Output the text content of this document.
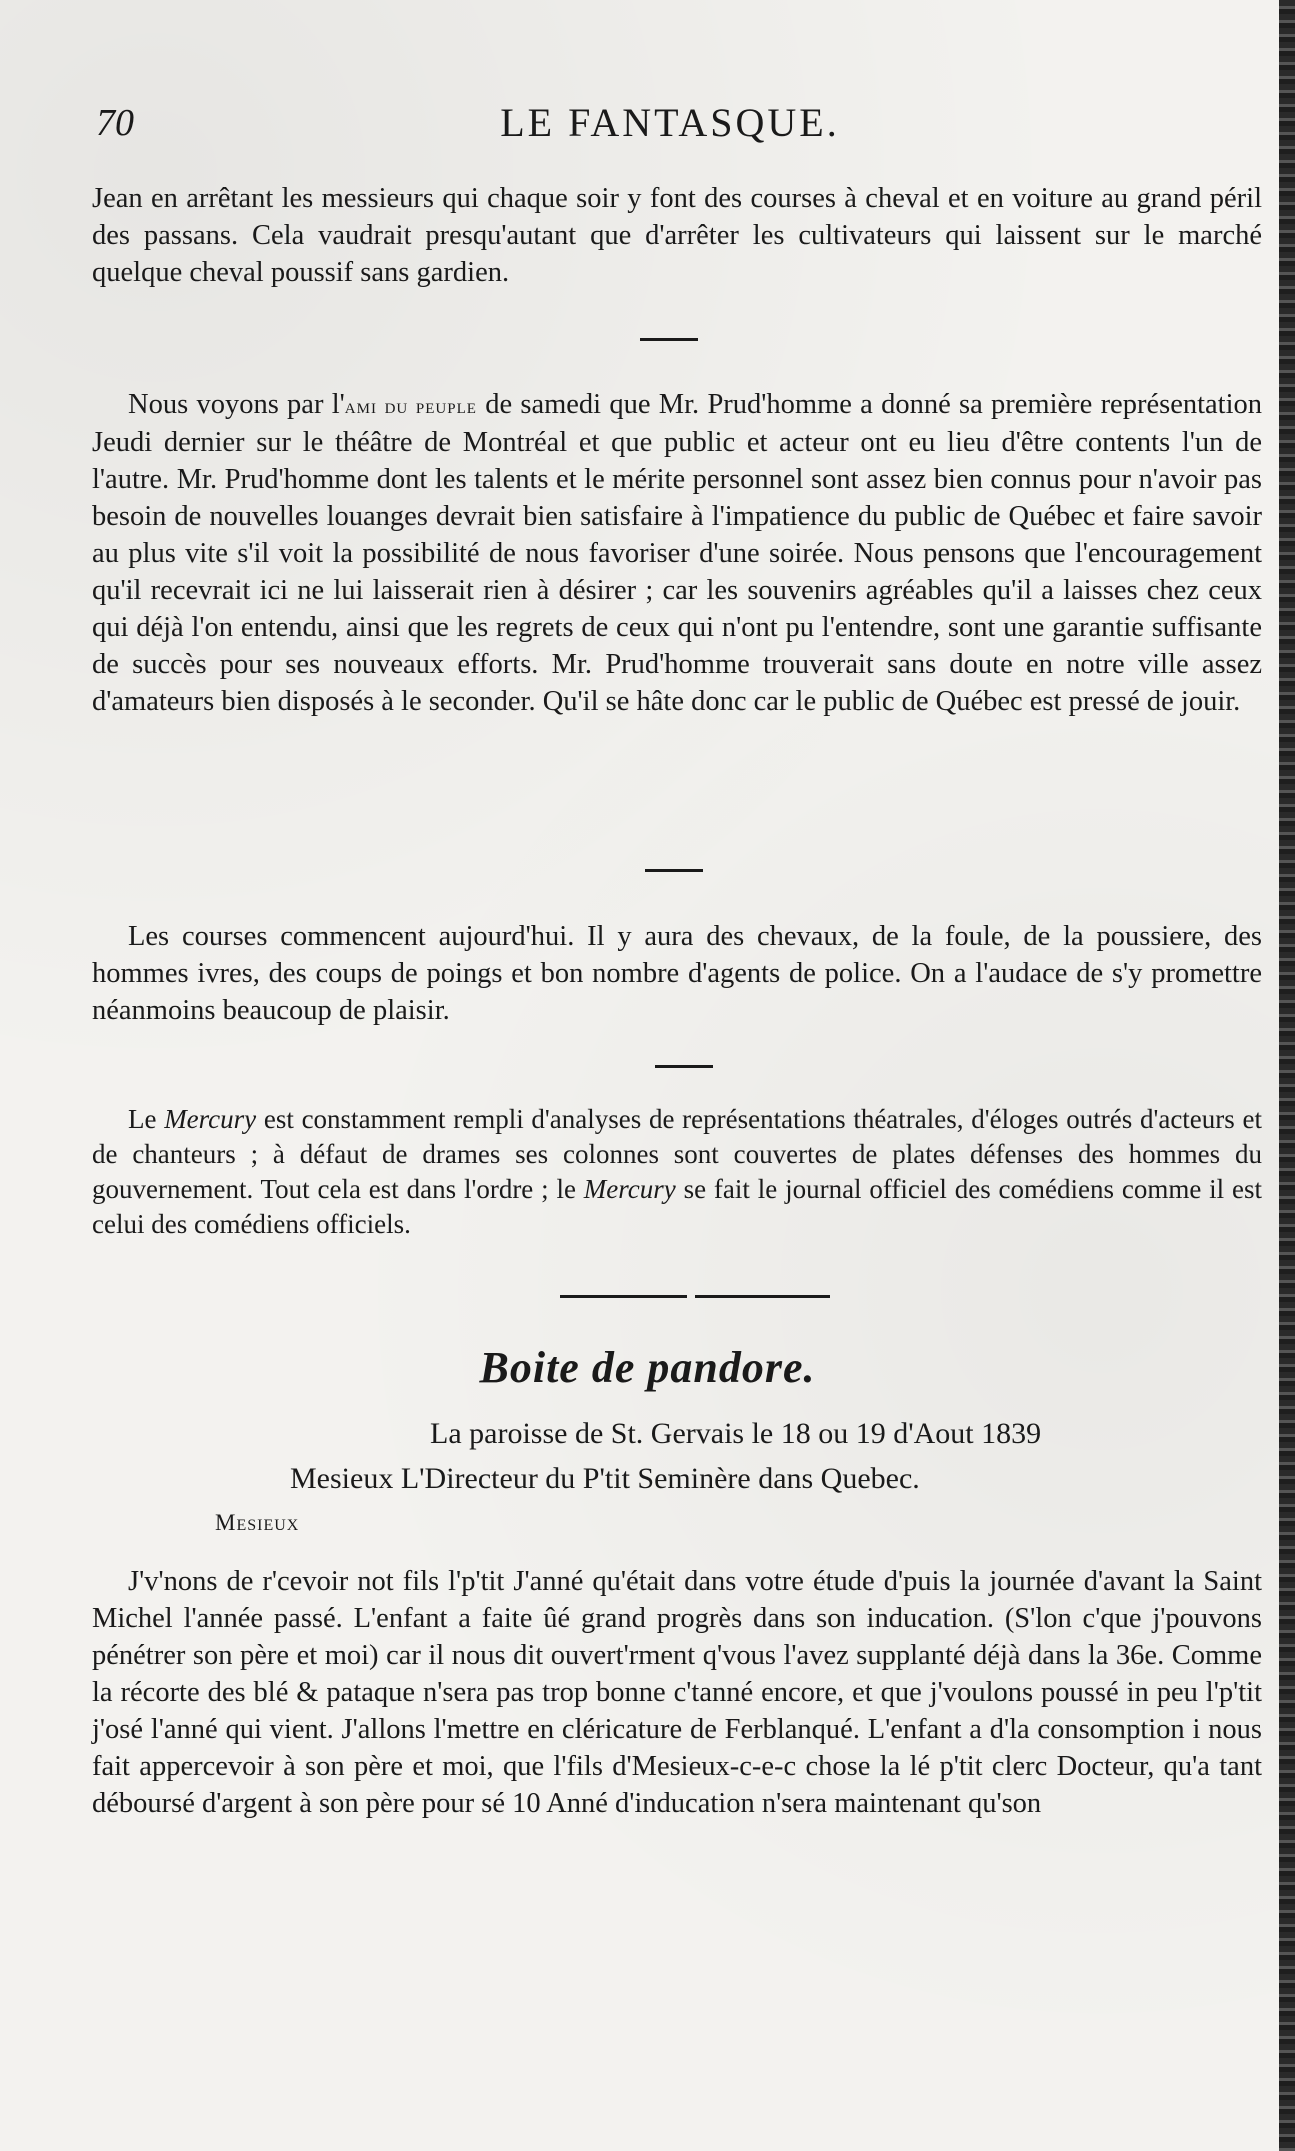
70	LE FANTASQUE.

Jean en arrêtant les messieurs qui chaque soir y font des courses à cheval et en voiture au grand péril des passans. Cela vaudrait presqu'autant que d'arrêter les cultivateurs qui laissent sur le marché quelque cheval poussif sans gardien.

Nous voyons par l'ami du peuple de samedi que Mr. Prud'homme a donné sa première représentation Jeudi dernier sur le théâtre de Montréal et que public et acteur ont eu lieu d'être contents l'un de l'autre. Mr. Prud'homme dont les talents et le mérite personnel sont assez bien connus pour n'avoir pas besoin de nouvelles louanges devrait bien satisfaire à l'impatience du public de Québec et faire savoir au plus vite s'il voit la possibilité de nous favoriser d'une soirée. Nous pensons que l'encouragement qu'il recevrait ici ne lui laisserait rien à désirer ; car les souvenirs agréables qu'il a laisses chez ceux qui déjà l'on entendu, ainsi que les regrets de ceux qui n'ont pu l'entendre, sont une garantie suffisante de succès pour ses nouveaux efforts. Mr. Prud'homme trouverait sans doute en notre ville assez d'amateurs bien disposés à le seconder. Qu'il se hâte donc car le public de Québec est pressé de jouir.

Les courses commencent aujourd'hui. Il y aura des chevaux, de la foule, de la poussiere, des hommes ivres, des coups de poings et bon nombre d'agents de police. On a l'audace de s'y promettre néanmoins beaucoup de plaisir.

Le Mercury est constamment rempli d'analyses de représentations théatrales, d'éloges outrés d'acteurs et de chanteurs ; à défaut de drames ses colonnes sont couvertes de plates défenses des hommes du gouvernement. Tout cela est dans l'ordre ; le Mercury se fait le journal officiel des comédiens comme il est celui des comédiens officiels.

Boite de pandore.
La paroisse de St. Gervais le 18 ou 19 d'Aout 1839
Mesieux L'Directeur du P'tit Seminère dans Quebec.
Mesieux

J'v'nons de r'cevoir not fils l'p'tit J'anné qu'était dans votre étude d'puis la journée d'avant la Saint Michel l'année passé. L'enfant a faite ûé grand progrès dans son inducation. (S'lon c'que j'pouvons pénétrer son père et moi) car il nous dit ouvert'rment q'vous l'avez supplanté déjà dans la 36e. Comme la récorte des blé & pataque n'sera pas trop bonne c'tanné encore, et que j'voulons poussé in peu l'p'tit j'osé l'anné qui vient. J'allons l'mettre en cléricature de Ferblanqué. L'enfant a d'la consomption i nous fait appercevoir à son père et moi, que l'fils d'Mesieux-c-e-c chose la lé p'tit clerc Docteur, qu'a tant déboursé d'argent à son père pour sé 10 Anné d'inducation n'sera maintenant qu'son
